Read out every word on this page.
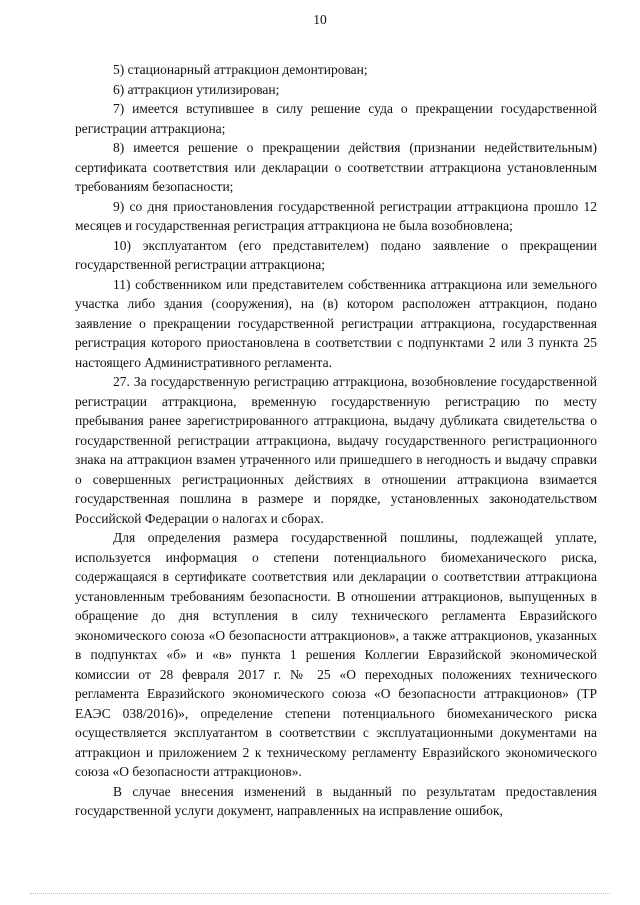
10

5) стационарный аттракцион демонтирован;

6) аттракцион утилизирован;

7) имеется вступившее в силу решение суда о прекращении государственной регистрации аттракциона;

8) имеется решение о прекращении действия (признании недействительным) сертификата соответствия или декларации о соответствии аттракциона установленным требованиям безопасности;

9) со дня приостановления государственной регистрации аттракциона прошло 12 месяцев и государственная регистрация аттракциона не была возобновлена;

10) эксплуатантом (его представителем) подано заявление о прекращении государственной регистрации аттракциона;

11) собственником или представителем собственника аттракциона или земельного участка либо здания (сооружения), на (в) котором расположен аттракцион, подано заявление о прекращении государственной регистрации аттракциона, государственная регистрация которого приостановлена в соответствии с подпунктами 2 или 3 пункта 25 настоящего Административного регламента.

27. За государственную регистрацию аттракциона, возобновление государственной регистрации аттракциона, временную государственную регистрацию по месту пребывания ранее зарегистрированного аттракциона, выдачу дубликата свидетельства о государственной регистрации аттракциона, выдачу государственного регистрационного знака на аттракцион взамен утраченного или пришедшего в негодность и выдачу справки о совершенных регистрационных действиях в отношении аттракциона взимается государственная пошлина в размере и порядке, установленных законодательством Российской Федерации о налогах и сборах.

Для определения размера государственной пошлины, подлежащей уплате, используется информация о степени потенциального биомеханического риска, содержащаяся в сертификате соответствия или декларации о соответствии аттракциона установленным требованиям безопасности. В отношении аттракционов, выпущенных в обращение до дня вступления в силу технического регламента Евразийского экономического союза «О безопасности аттракционов», а также аттракционов, указанных в подпунктах «б» и «в» пункта 1 решения Коллегии Евразийской экономической комиссии от 28 февраля 2017 г. № 25 «О переходных положениях технического регламента Евразийского экономического союза «О безопасности аттракционов» (ТР ЕАЭС 038/2016)», определение степени потенциального биомеханического риска осуществляется эксплуатантом в соответствии с эксплуатационными документами на аттракцион и приложением 2 к техническому регламенту Евразийского экономического союза «О безопасности аттракционов».

В случае внесения изменений в выданный по результатам предоставления государственной услуги документ, направленных на исправление ошибок,
